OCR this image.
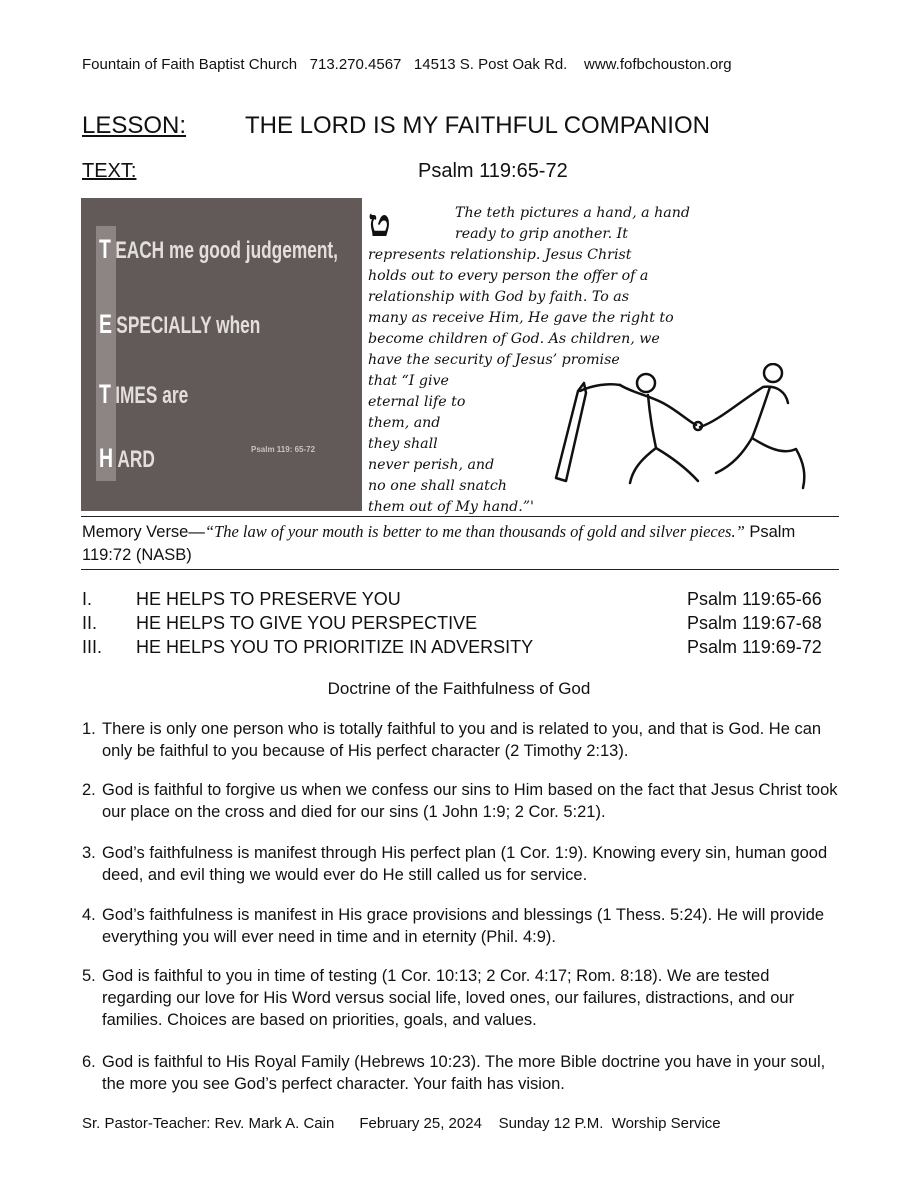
Fountain of Faith Baptist Church 713.270.4567 14513 S. Post Oak Rd. www.fofbchouston.org
LESSON: THE LORD IS MY FAITHFUL COMPANION
TEXT:	Psalm 119:65-72
T EACH me good judgement,
E SPECIALLY when
T IMES are
H ARD	Psalm 119: 65-72
ט	The teth pictures a hand, a hand
ready to grip another. It
represents relationship. Jesus Christ
holds out to every person the offer of a
relationship with God by faith. To as
many as receive Him, He gave the right to
become children of God. As children, we
have the security of Jesus’ promise
that “I give
eternal life to
them, and
they shall
never perish, and
no one shall snatch
them out of My hand.”'
Memory Verse—“The law of your mouth is better to me than thousands of gold and silver pieces.” Psalm 119:72 (NASB)
I. HE HELPS TO PRESERVE YOU	Psalm 119:65-66
II. HE HELPS TO GIVE YOU PERSPECTIVE	Psalm 119:67-68
III. HE HELPS YOU TO PRIORITIZE IN ADVERSITY	Psalm 119:69-72
Doctrine of the Faithfulness of God
1. There is only one person who is totally faithful to you and is related to you, and that is God. He can only be faithful to you because of His perfect character (2 Timothy 2:13).
2. God is faithful to forgive us when we confess our sins to Him based on the fact that Jesus Christ took our place on the cross and died for our sins (1 John 1:9; 2 Cor. 5:21).
3. God’s faithfulness is manifest through His perfect plan (1 Cor. 1:9). Knowing every sin, human good deed, and evil thing we would ever do He still called us for service.
4. God’s faithfulness is manifest in His grace provisions and blessings (1 Thess. 5:24). He will provide everything you will ever need in time and in eternity (Phil. 4:9).
5. God is faithful to you in time of testing (1 Cor. 10:13; 2 Cor. 4:17; Rom. 8:18). We are tested regarding our love for His Word versus social life, loved ones, our failures, distractions, and our families. Choices are based on priorities, goals, and values.
6. God is faithful to His Royal Family (Hebrews 10:23). The more Bible doctrine you have in your soul, the more you see God’s perfect character. Your faith has vision.
Sr. Pastor-Teacher: Rev. Mark A. Cain February 25, 2024 Sunday 12 P.M.  Worship Service
